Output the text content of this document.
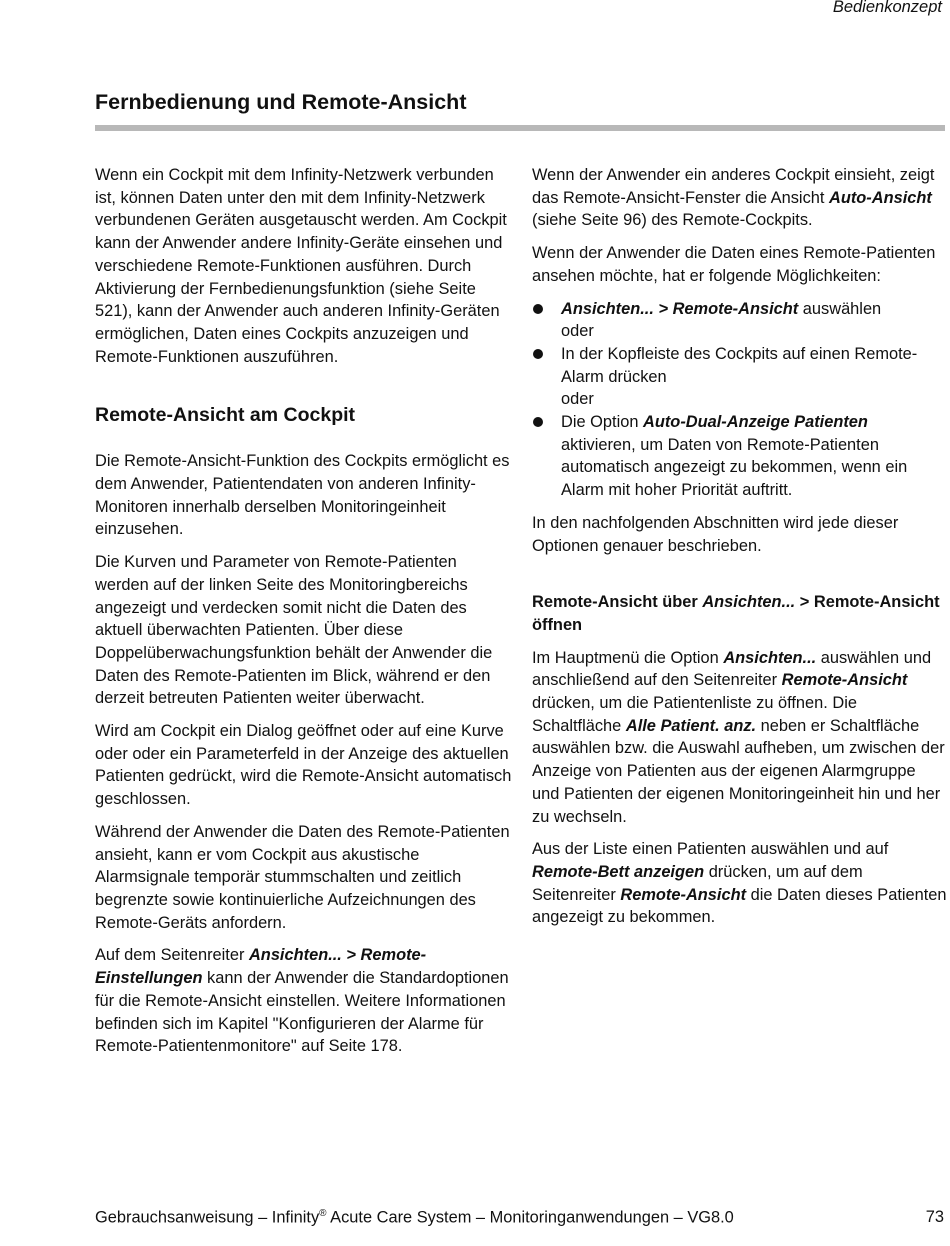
Bedienkonzept
Fernbedienung und Remote-Ansicht

Wenn ein Cockpit mit dem Infinity-Netzwerk verbunden ist, können Daten unter den mit dem Infinity-Netzwerk verbundenen Geräten ausgetauscht werden. Am Cockpit kann der Anwender andere Infinity-Geräte einsehen und verschiedene Remote-Funktionen ausführen. Durch Aktivierung der Fernbedienungsfunktion (siehe Seite 521), kann der Anwender auch anderen Infinity-Geräten ermöglichen, Daten eines Cockpits anzuzeigen und Remote-Funktionen auszuführen.

Remote-Ansicht am Cockpit

Die Remote-Ansicht-Funktion des Cockpits ermöglicht es dem Anwender, Patientendaten von anderen Infinity-Monitoren innerhalb derselben Monitoringeinheit einzusehen.

Die Kurven und Parameter von Remote-Patienten werden auf der linken Seite des Monitoringbereichs angezeigt und verdecken somit nicht die Daten des aktuell überwachten Patienten. Über diese Doppelüberwachungsfunktion behält der Anwender die Daten des Remote-Patienten im Blick, während er den derzeit betreuten Patienten weiter überwacht.

Wird am Cockpit ein Dialog geöffnet oder auf eine Kurve oder oder ein Parameterfeld in der Anzeige des aktuellen Patienten gedrückt, wird die Remote-Ansicht automatisch geschlossen.

Während der Anwender die Daten des Remote-Patienten ansieht, kann er vom Cockpit aus akustische Alarmsignale temporär stummschalten und zeitlich begrenzte sowie kontinuierliche Aufzeichnungen des Remote-Geräts anfordern.

Auf dem Seitenreiter Ansichten... > Remote-Einstellungen kann der Anwender die Standardoptionen für die Remote-Ansicht einstellen. Weitere Informationen befinden sich im Kapitel "Konfigurieren der Alarme für Remote-Patientenmonitore" auf Seite 178.

Wenn der Anwender ein anderes Cockpit einsieht, zeigt das Remote-Ansicht-Fenster die Ansicht Auto-Ansicht (siehe Seite 96) des Remote-Cockpits.

Wenn der Anwender die Daten eines Remote-Patienten ansehen möchte, hat er folgende Möglichkeiten:

Ansichten... > Remote-Ansicht auswählen
oder
In der Kopfleiste des Cockpits auf einen Remote-Alarm drücken
oder
Die Option Auto-Dual-Anzeige Patienten aktivieren, um Daten von Remote-Patienten automatisch angezeigt zu bekommen, wenn ein Alarm mit hoher Priorität auftritt.

In den nachfolgenden Abschnitten wird jede dieser Optionen genauer beschrieben.

Remote-Ansicht über Ansichten... > Remote-Ansicht öffnen

Im Hauptmenü die Option Ansichten... auswählen und anschließend auf den Seitenreiter Remote-Ansicht drücken, um die Patientenliste zu öffnen. Die Schaltfläche Alle Patient. anz. neben er Schaltfläche auswählen bzw. die Auswahl aufheben, um zwischen der Anzeige von Patienten aus der eigenen Alarmgruppe und Patienten der eigenen Monitoringeinheit hin und her zu wechseln.

Aus der Liste einen Patienten auswählen und auf Remote-Bett anzeigen drücken, um auf dem Seitenreiter Remote-Ansicht die Daten dieses Patienten angezeigt zu bekommen.

Gebrauchsanweisung – Infinity® Acute Care System – Monitoringanwendungen – VG8.0	73
